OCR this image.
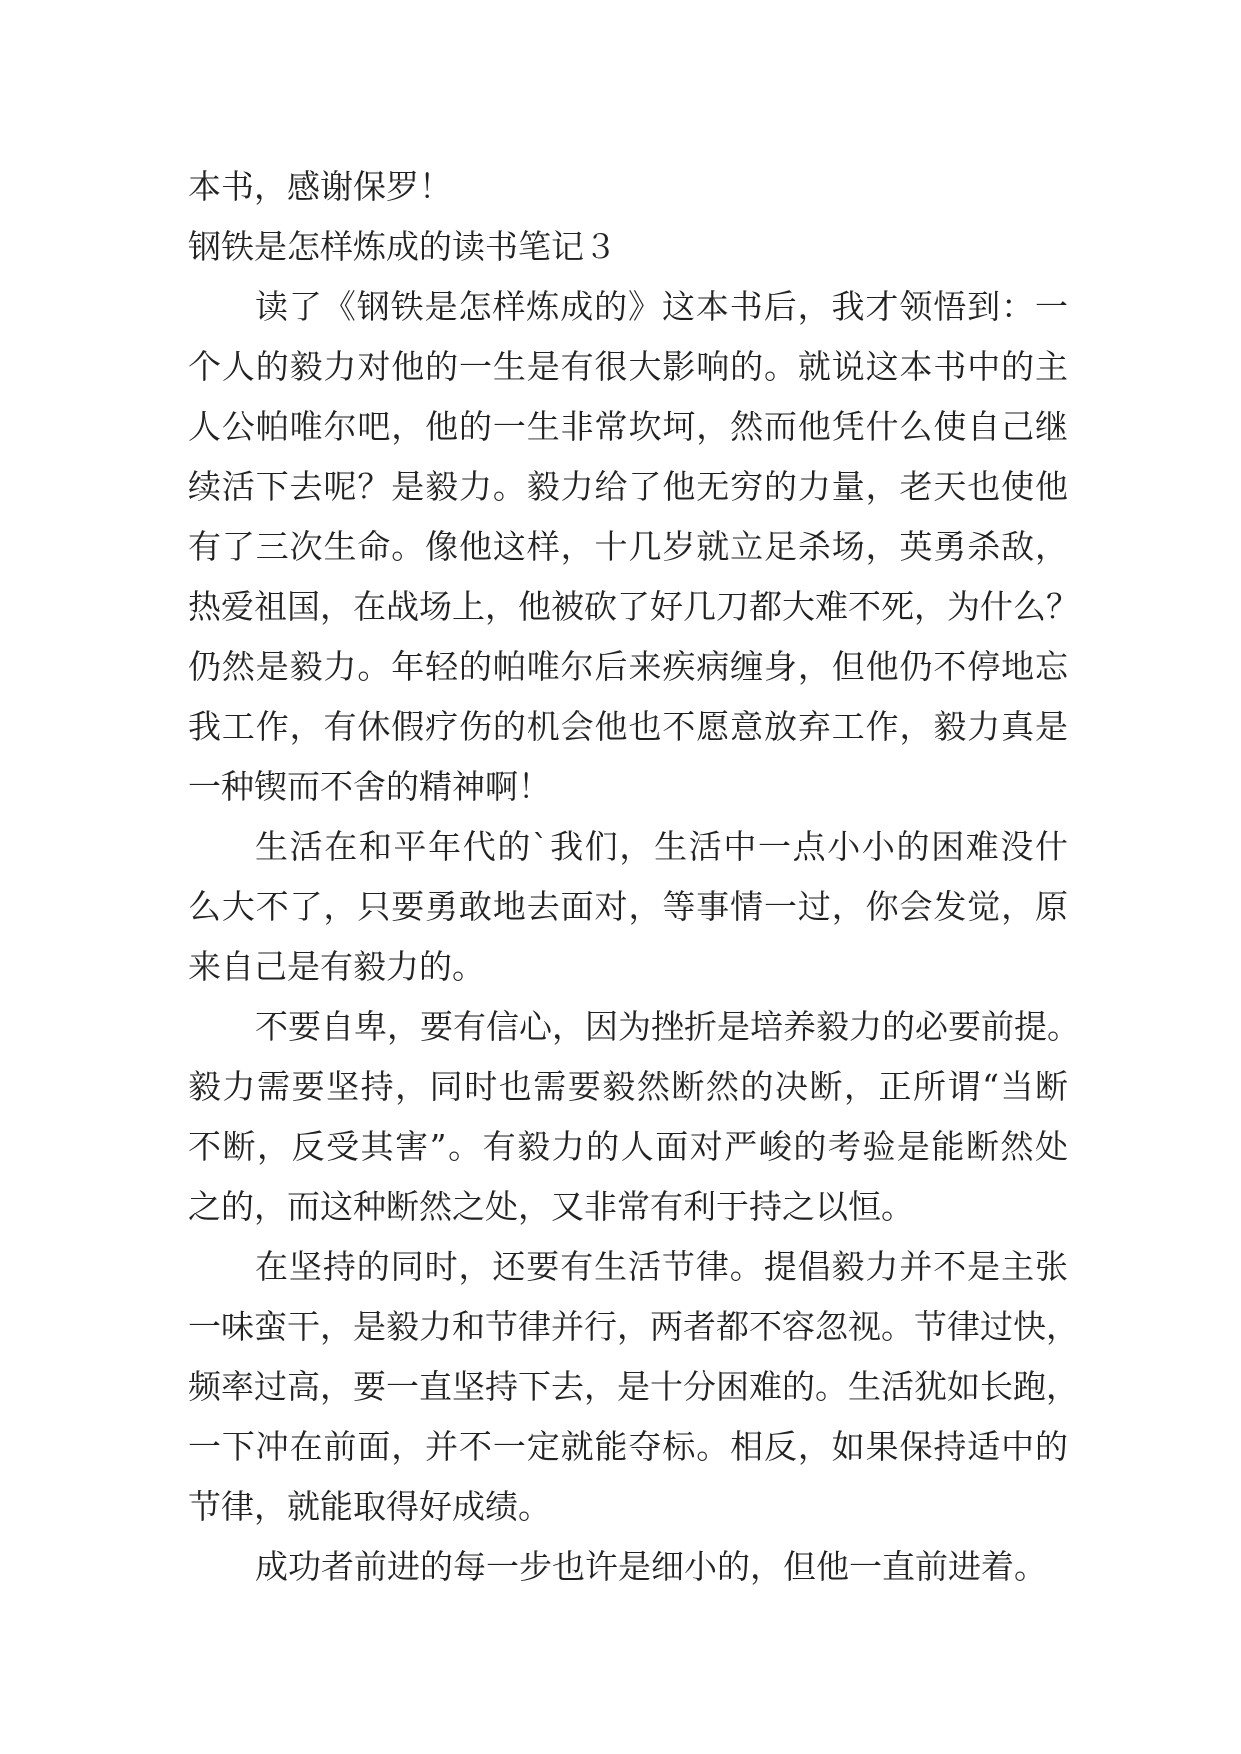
本书，感谢保罗！
钢铁是怎样炼成的读书笔记３
读了《钢铁是怎样炼成的》这本书后，我才领悟到：一
个人的毅力对他的一生是有很大影响的。就说这本书中的主
人公帕唯尔吧，他的一生非常坎坷，然而他凭什么使自己继
续活下去呢？是毅力。毅力给了他无穷的力量，老天也使他
有了三次生命。像他这样，十几岁就立足杀场，英勇杀敌，
热爱祖国，在战场上，他被砍了好几刀都大难不死，为什么？
仍然是毅力。年轻的帕唯尔后来疾病缠身，但他仍不停地忘
我工作，有休假疗伤的机会他也不愿意放弃工作，毅力真是
一种锲而不舍的精神啊！
生活在和平年代的`我们，生活中一点小小的困难没什
么大不了，只要勇敢地去面对，等事情一过，你会发觉，原
来自己是有毅力的。
不要自卑，要有信心，因为挫折是培养毅力的必要前提。
毅力需要坚持，同时也需要毅然断然的决断，正所谓“当断
不断，反受其害”。有毅力的人面对严峻的考验是能断然处
之的，而这种断然之处，又非常有利于持之以恒。
在坚持的同时，还要有生活节律。提倡毅力并不是主张
一味蛮干，是毅力和节律并行，两者都不容忽视。节律过快，
频率过高，要一直坚持下去，是十分困难的。生活犹如长跑，
一下冲在前面，并不一定就能夺标。相反，如果保持适中的
节律，就能取得好成绩。
成功者前进的每一步也许是细小的，但他一直前进着。
